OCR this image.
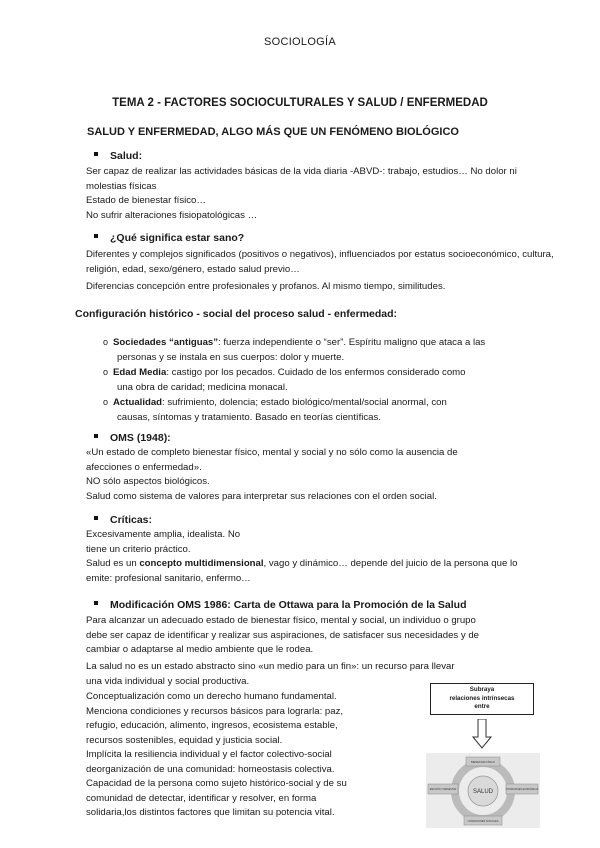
SOCIOLOGÍA
TEMA 2 - FACTORES SOCIOCULTURALES Y SALUD / ENFERMEDAD
SALUD Y ENFERMEDAD, ALGO MÁS QUE UN FENÓMENO BIOLÓGICO
Salud:
Ser capaz de realizar las actividades básicas de la vida diaria -ABVD-: trabajo, estudios… No dolor ni
molestias físicas
Estado de bienestar físico…
No sufrir alteraciones fisiopatológicas …
¿Qué significa estar sano?
Diferentes y complejos significados (positivos o negativos), influenciados por estatus socioeconómico, cultura,
religión, edad, sexo/género, estado salud previo…
Diferencias concepción entre profesionales y profanos. Al mismo tiempo, similitudes.
Configuración histórico - social del proceso salud - enfermedad:
o Sociedades “antiguas”: fuerza independiente o “ser”. Espíritu maligno que ataca a las
personas y se instala en sus cuerpos: dolor y muerte.
o Edad Media: castigo por los pecados. Cuidado de los enfermos considerado como
una obra de caridad; medicina monacal.
o Actualidad: sufrimiento, dolencia; estado biológico/mental/social anormal, con
causas, síntomas y tratamiento. Basado en teorías científicas.
OMS (1948):
«Un estado de completo bienestar físico, mental y social y no sólo como la ausencia de
afecciones o enfermedad».
NO sólo aspectos biológicos.
Salud como sistema de valores para interpretar sus relaciones con el orden social.
Críticas:
Excesivamente amplia, idealista. No
tiene un criterio práctico.
Salud es un concepto multidimensional, vago y dinámico… depende del juicio de la persona que lo
emite: profesional sanitario, enfermo…
Modificación OMS 1986: Carta de Ottawa para la Promoción de la Salud
Para alcanzar un adecuado estado de bienestar físico, mental y social, un individuo o grupo
debe ser capaz de identificar y realizar sus aspiraciones, de satisfacer sus necesidades y de
cambiar o adaptarse al medio ambiente que le rodea.
La salud no es un estado abstracto sino «un medio para un fin»: un recurso para llevar
una vida individual y social productiva.
Conceptualización como un derecho humano fundamental.
Menciona condiciones y recursos básicos para lograrla: paz,
refugio, educación, alimento, ingresos, ecosistema estable,
recursos sostenibles, equidad y justicia social.
Implícita la resiliencia individual y el factor colectivo-social
deorganización de una comunidad: homeostasis colectiva.
Capacidad de la persona como sujeto histórico-social y de su
comunidad de detectar, identificar y resolver, en forma
solidaria,los distintos factores que limitan su potencia vital.
Subraya
relaciones intrínsecas
entre
SALUD
BIENESTAR FÍSICO
CONDICIONES ECONÓMICAS
EMOCIÓN Y BIENESTAR
CONDICIONES SOCIALES
